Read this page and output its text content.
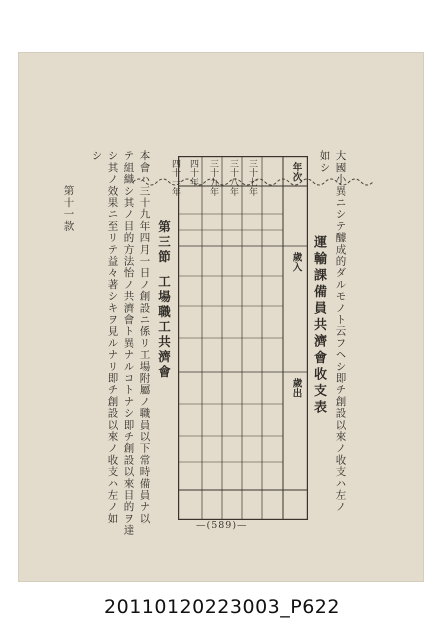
大國小異ニシテ醵成的ダルモノト云フヘシ即チ創設以來ノ收支ハ左ノ
如シ
運輸課備員共濟會收支表
年次
歲入
歲出
三十七年
三十八年
三十九年
四十年
四十一年
第三節工場職工共濟會
本會ハ三十九年四月一日ノ創設ニ係リ工場附屬ノ職員以下常時備員ナ以
テ組織シ其ノ目的方法怡ノ共濟會ト異ナルコトナシ即チ創設以來目的ヲ達
シ其ノ效果ニ至リテ益々著シキヲ見ルナリ即チ創設以來ノ收支ハ左ノ如
シ
第十一款
—(589)—
20110120223003_P622
